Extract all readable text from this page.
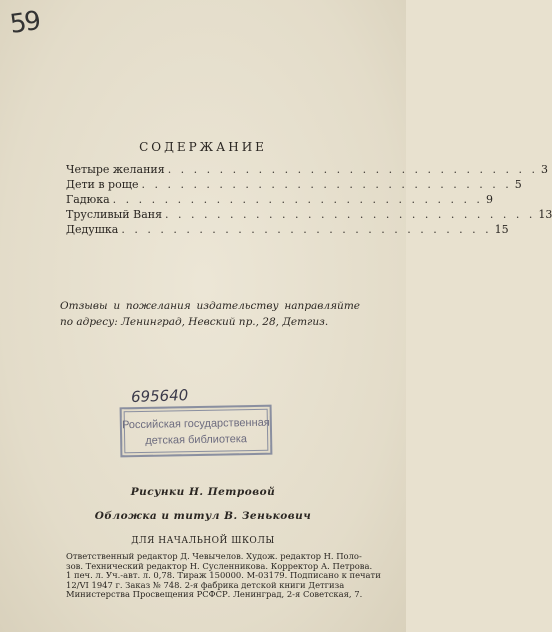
59

СОДЕРЖАНИЕ
Четыре желания . . . . . . . . . . . . . . . . . . . . . . . . . . . . . 3
Дети в роще . . . . . . . . . . . . . . . . . . . . . . . . . . . . . 5
Гадюка . . . . . . . . . . . . . . . . . . . . . . . . . . . . . 9
Трусливый Ваня . . . . . . . . . . . . . . . . . . . . . . . . . . . . . 13
Дедушка . . . . . . . . . . . . . . . . . . . . . . . . . . . . . 15
Отзывы и пожелания издательству направляйте по адресу: Ленинград, Невский пр., 28, Детгиз.
695640
Российская государственная
детская библиотека
Рисунки Н. Петровой
Обложка и титул В. Зенькович
ДЛЯ НАЧАЛЬНОЙ ШКОЛЫ
Ответственный редактор Д. Чевычелов. Худож. редактор Н. Поло-
зов. Технический редактор Н. Сусленникова. Корректор А. Петрова.
1 печ. л. Уч.-авт. л. 0,78. Тираж 150000. М-03179. Подписано к печати
12/VI 1947 г. Заказ № 748. 2-я фабрика детской книги Детгиза
Министерства Просвещения РСФСР. Ленинград, 2-я Советская, 7.
